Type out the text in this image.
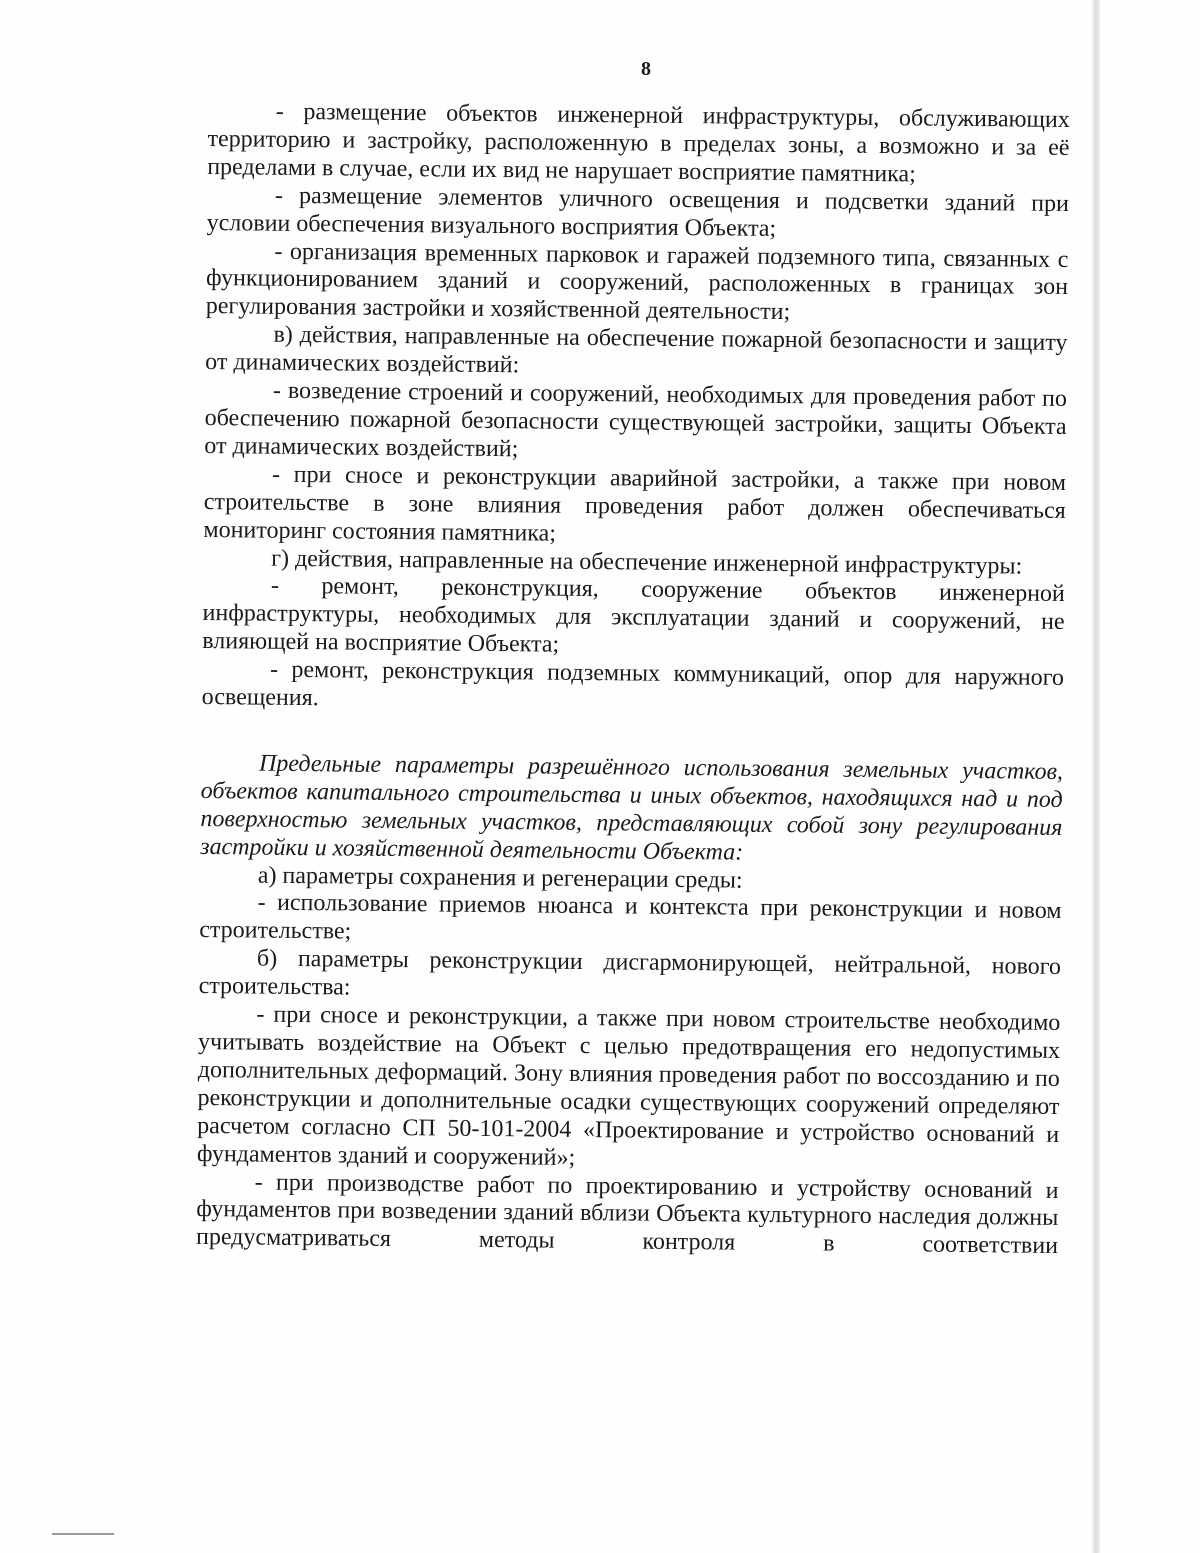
8

- размещение объектов инженерной инфраструктуры, обслуживающих территорию и застройку, расположенную в пределах зоны, а возможно и за её пределами в случае, если их вид не нарушает восприятие памятника;

- размещение элементов уличного освещения и подсветки зданий при условии обеспечения визуального восприятия Объекта;

- организация временных парковок и гаражей подземного типа, связанных с функционированием зданий и сооружений, расположенных в границах зон регулирования застройки и хозяйственной деятельности;

в) действия, направленные на обеспечение пожарной безопасности и защиту от динамических воздействий:

- возведение строений и сооружений, необходимых для проведения работ по обеспечению пожарной безопасности существующей застройки, защиты Объекта от динамических воздействий;

- при сносе и реконструкции аварийной застройки, а также при новом строительстве в зоне влияния проведения работ должен обеспечиваться мониторинг состояния памятника;

г) действия, направленные на обеспечение инженерной инфраструктуры:

- ремонт, реконструкция, сооружение объектов инженерной инфраструктуры, необходимых для эксплуатации зданий и сооружений, не влияющей на восприятие Объекта;

- ремонт, реконструкция подземных коммуникаций, опор для наружного освещения.

Предельные параметры разрешённого использования земельных участков, объектов капитального строительства и иных объектов, находящихся над и под поверхностью земельных участков, представляющих собой зону регулирования застройки и хозяйственной деятельности Объекта:

а) параметры сохранения и регенерации среды:

- использование приемов нюанса и контекста при реконструкции и новом строительстве;

б) параметры реконструкции дисгармонирующей, нейтральной, нового строительства:

- при сносе и реконструкции, а также при новом строительстве необходимо учитывать воздействие на Объект с целью предотвращения его недопустимых дополнительных деформаций. Зону влияния проведения работ по воссозданию и по реконструкции и дополнительные осадки существующих сооружений определяют расчетом согласно СП 50-101-2004 «Проектирование и устройство оснований и фундаментов зданий и сооружений»;

- при производстве работ по проектированию и устройству оснований и фундаментов при возведении зданий вблизи Объекта культурного наследия должны предусматриваться методы контроля в соответствии
